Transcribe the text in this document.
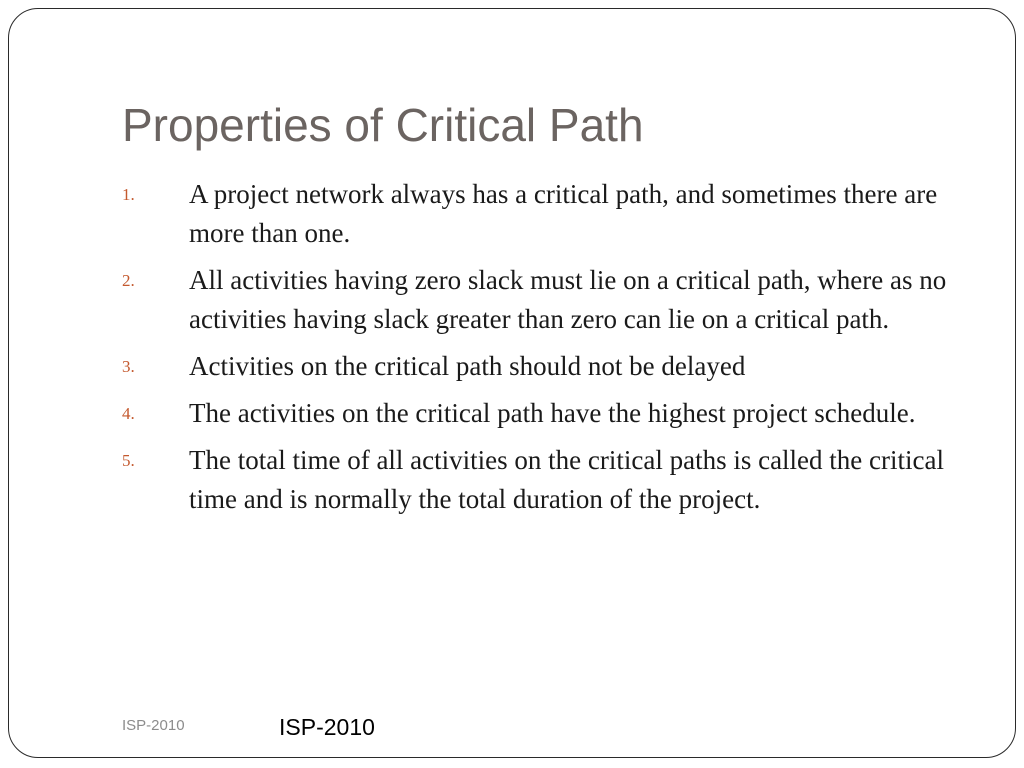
Properties of Critical Path
1.	A project network always has a critical path, and sometimes there are more than one.
2.	All activities having zero slack must lie on a critical path, where as no activities having slack greater than zero can lie on a critical path.
3.	Activities on the critical path should not be delayed
4.	The activities on the critical path have the highest project schedule.
5.	The total time of all activities on the critical paths is called the critical time and is normally the total duration of the project.
ISP-2010	ISP-2010
